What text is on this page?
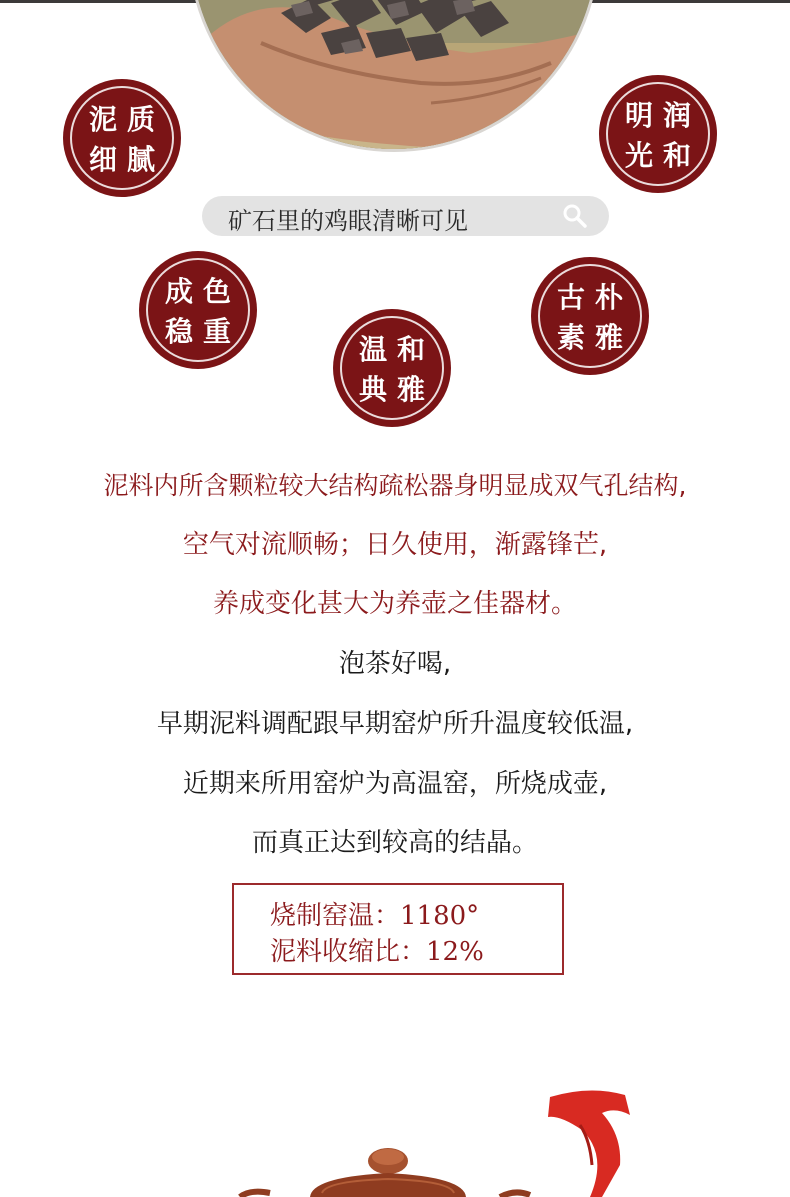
泥质
细腻
明润
光和
矿石里的鸡眼清晰可见
成色
稳重
温和
典雅
古朴
素雅
泥料内所含颗粒较大结构疏松器身明显成双气孔结构,
空气对流顺畅；日久使用，渐露锋芒,
养成变化甚大为养壶之佳器材。
泡茶好喝,
早期泥料调配跟早期窑炉所升温度较低温,
近期来所用窑炉为高温窑，所烧成壶,
而真正达到较高的结晶。
烧制窑温：1180°
泥料收缩比：12%
